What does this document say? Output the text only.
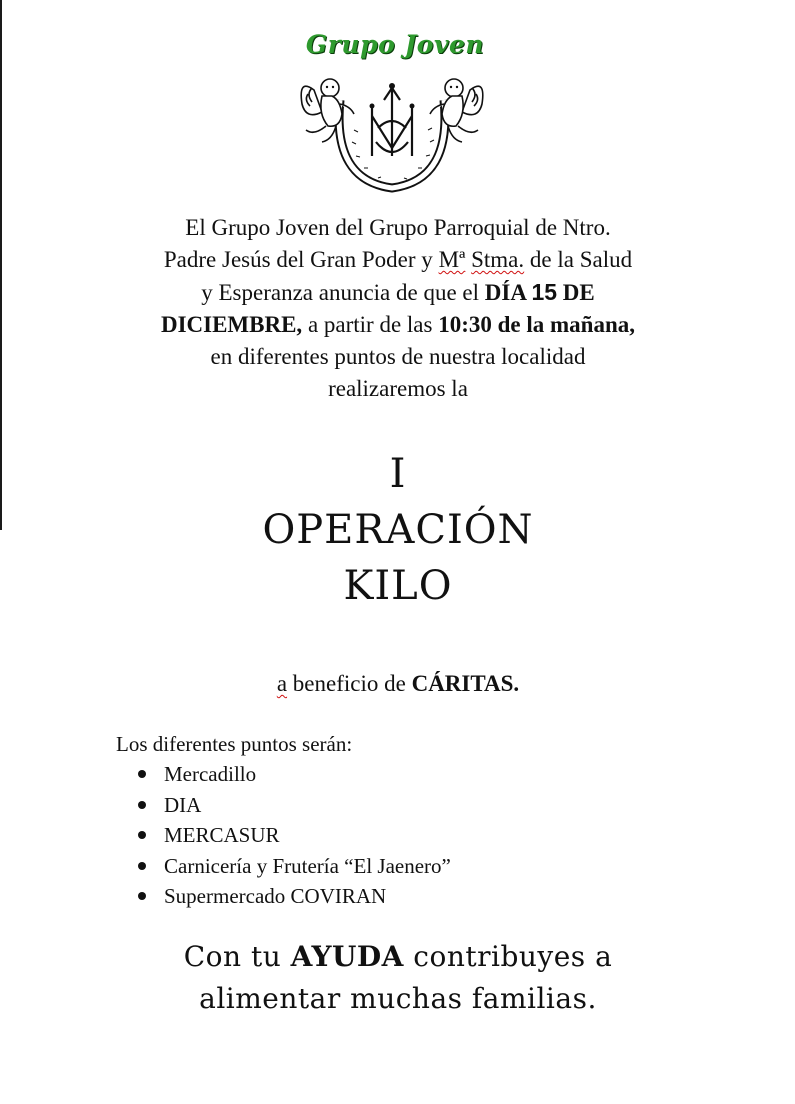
Grupo Joven
El Grupo Joven del Grupo Parroquial de Ntro.
Padre Jesús del Gran Poder y Mª Stma. de la Salud
y Esperanza anuncia de que el DÍA 15 DE
DICIEMBRE, a partir de las 10:30 de la mañana,
en diferentes puntos de nuestra localidad
realizaremos la
I
OPERACIÓN
KILO
a beneficio de CÁRITAS.
Los diferentes puntos serán:
Mercadillo
DIA
MERCASUR
Carnicería y Frutería “El Jaenero”
Supermercado COVIRAN
Con tu AYUDA contribuyes a
alimentar muchas familias.
